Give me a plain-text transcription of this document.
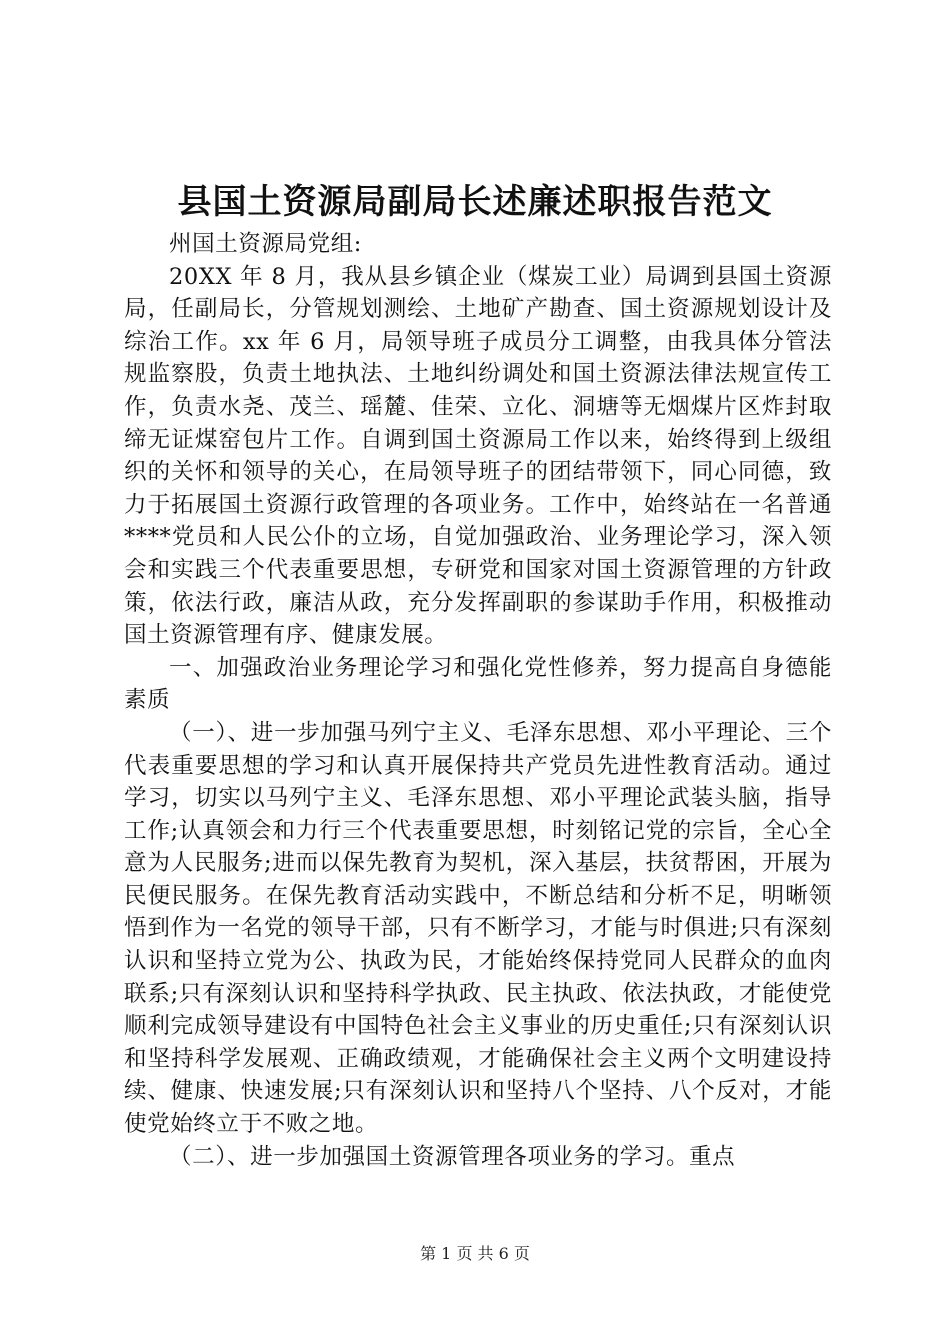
县国土资源局副局长述廉述职报告范文

州国土资源局党组:

20XX 年 8 月，我从县乡镇企业（煤炭工业）局调到县国土资源局，任副局长，分管规划测绘、土地矿产勘查、国土资源规划设计及综治工作。xx 年 6 月，局领导班子成员分工调整，由我具体分管法规监察股，负责土地执法、土地纠纷调处和国土资源法律法规宣传工作，负责水尧、茂兰、瑶麓、佳荣、立化、洞塘等无烟煤片区炸封取缔无证煤窑包片工作。自调到国土资源局工作以来，始终得到上级组织的关怀和领导的关心，在局领导班子的团结带领下，同心同德，致力于拓展国土资源行政管理的各项业务。工作中，始终站在一名普通****党员和人民公仆的立场，自觉加强政治、业务理论学习，深入领会和实践三个代表重要思想，专研党和国家对国土资源管理的方针政策，依法行政，廉洁从政，充分发挥副职的参谋助手作用，积极推动国土资源管理有序、健康发展。

一、加强政治业务理论学习和强化党性修养，努力提高自身德能素质

（一）、进一步加强马列宁主义、毛泽东思想、邓小平理论、三个代表重要思想的学习和认真开展保持共产党员先进性教育活动。通过学习，切实以马列宁主义、毛泽东思想、邓小平理论武装头脑，指导工作;认真领会和力行三个代表重要思想，时刻铭记党的宗旨，全心全意为人民服务;进而以保先教育为契机，深入基层，扶贫帮困，开展为民便民服务。在保先教育活动实践中，不断总结和分析不足，明晰领悟到作为一名党的领导干部，只有不断学习，才能与时俱进;只有深刻认识和坚持立党为公、执政为民，才能始终保持党同人民群众的血肉联系;只有深刻认识和坚持科学执政、民主执政、依法执政，才能使党顺利完成领导建设有中国特色社会主义事业的历史重任;只有深刻认识和坚持科学发展观、正确政绩观，才能确保社会主义两个文明建设持续、健康、快速发展;只有深刻认识和坚持八个坚持、八个反对，才能使党始终立于不败之地。

（二）、进一步加强国土资源管理各项业务的学习。重点

第 1 页 共 6 页
